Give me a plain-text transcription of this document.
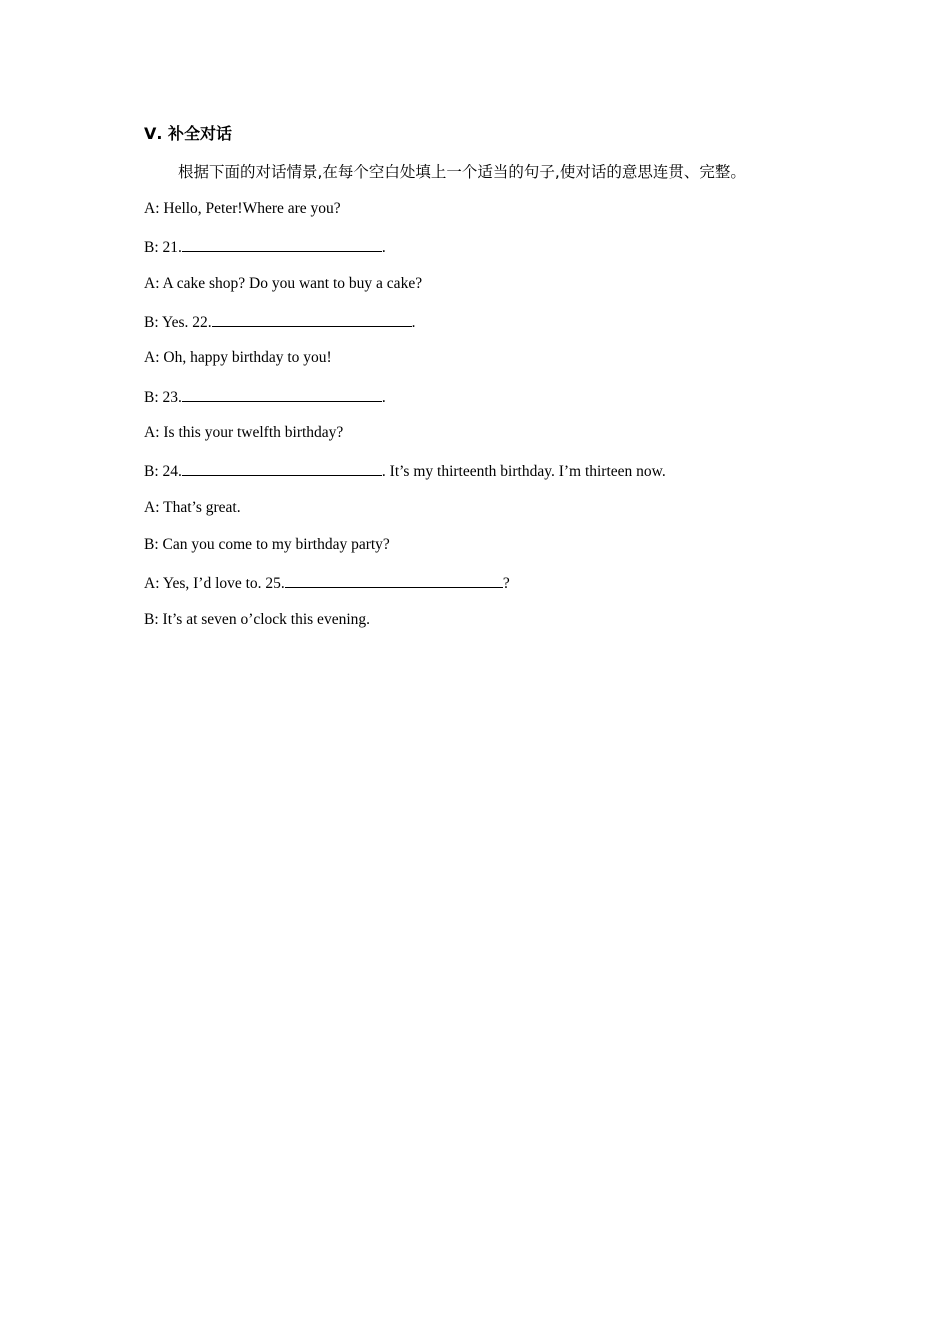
Ⅴ. 补全对话
根据下面的对话情景,在每个空白处填上一个适当的句子,使对话的意思连贯、完整。
A: Hello, Peter!Where are you?
B: 21.	.
A: A cake shop? Do you want to buy a cake?
B: Yes. 22.	.
A: Oh, happy birthday to you!
B: 23.	.
A: Is this your twelfth birthday?
B: 24.	. It’s my thirteenth birthday. I’m thirteen now.
A: That’s great.
B: Can you come to my birthday party?
A: Yes, I’d love to. 25.	?
B: It’s at seven o’clock this evening.
